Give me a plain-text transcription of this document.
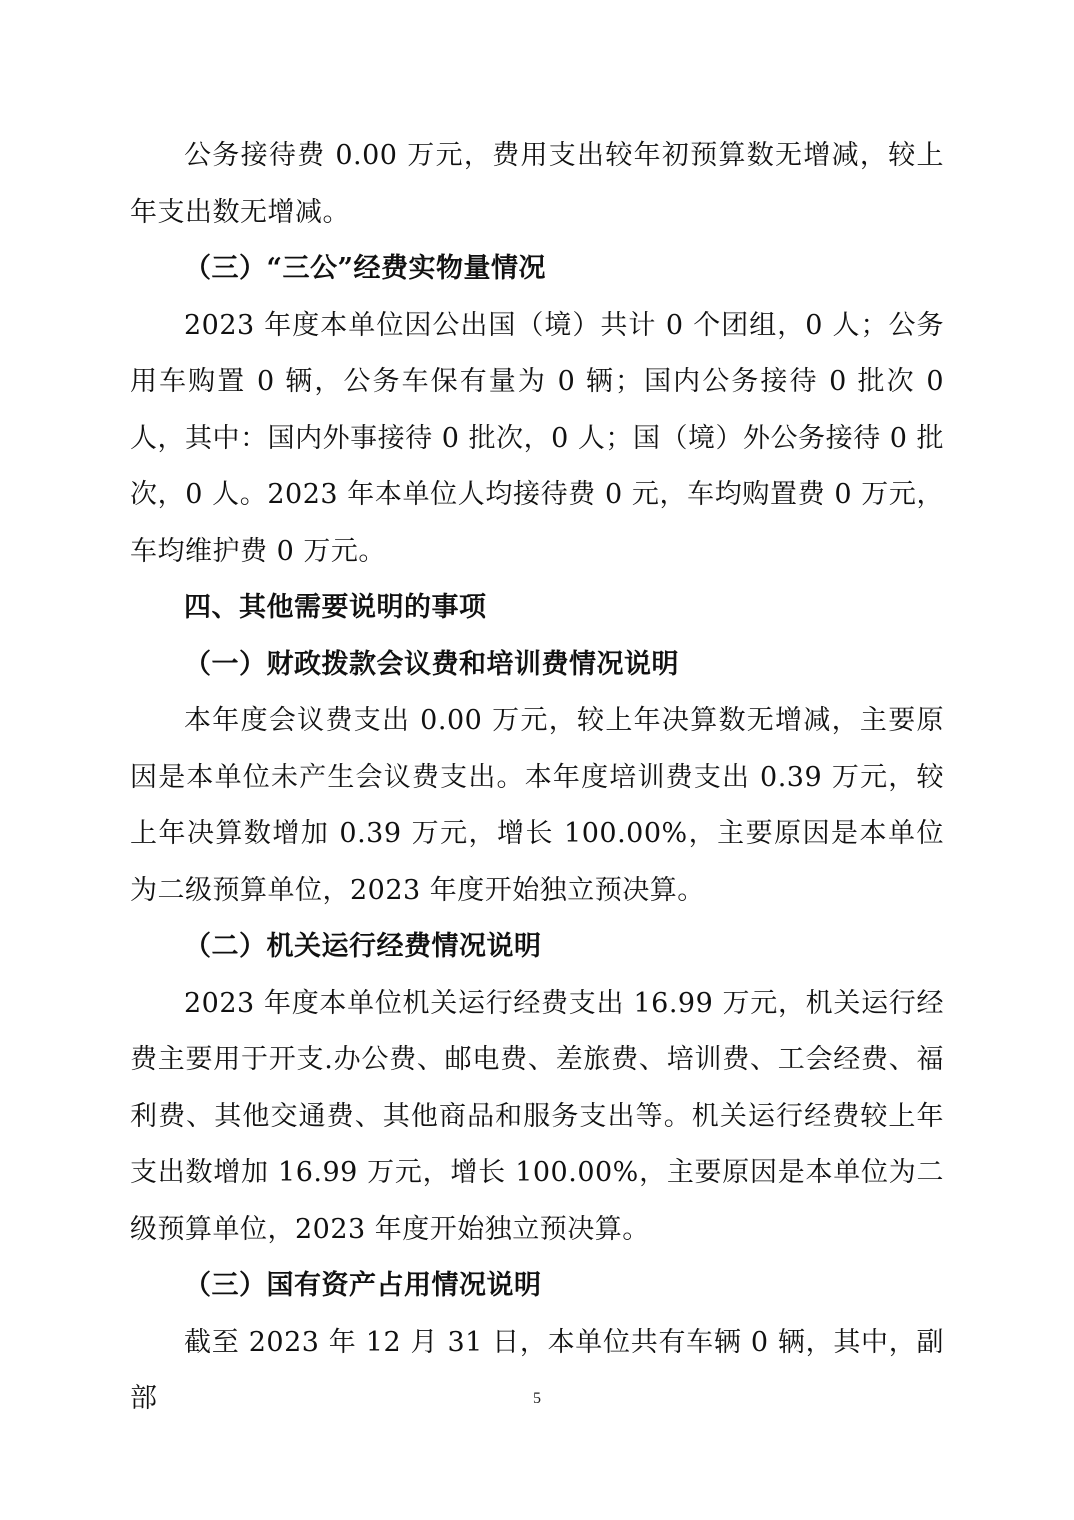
公务接待费 0.00 万元，费用支出较年初预算数无增减，较上年支出数无增减。

（三）“三公”经费实物量情况

2023 年度本单位因公出国（境）共计 0 个团组，0 人；公务用车购置 0 辆，公务车保有量为 0 辆；国内公务接待 0 批次 0 人，其中：国内外事接待 0 批次，0 人；国（境）外公务接待 0 批次，0 人。2023 年本单位人均接待费 0 元，车均购置费 0 万元，车均维护费 0 万元。

四、其他需要说明的事项

（一）财政拨款会议费和培训费情况说明

本年度会议费支出 0.00 万元，较上年决算数无增减，主要原因是本单位未产生会议费支出。本年度培训费支出 0.39 万元，较上年决算数增加 0.39 万元，增长 100.00%，主要原因是本单位为二级预算单位，2023 年度开始独立预决算。

（二）机关运行经费情况说明

2023 年度本单位机关运行经费支出 16.99 万元，机关运行经费主要用于开支.办公费、邮电费、差旅费、培训费、工会经费、福利费、其他交通费、其他商品和服务支出等。机关运行经费较上年支出数增加 16.99 万元，增长 100.00%，主要原因是本单位为二级预算单位，2023 年度开始独立预决算。

（三）国有资产占用情况说明

截至 2023 年 12 月 31 日，本单位共有车辆 0 辆，其中，副部	5
